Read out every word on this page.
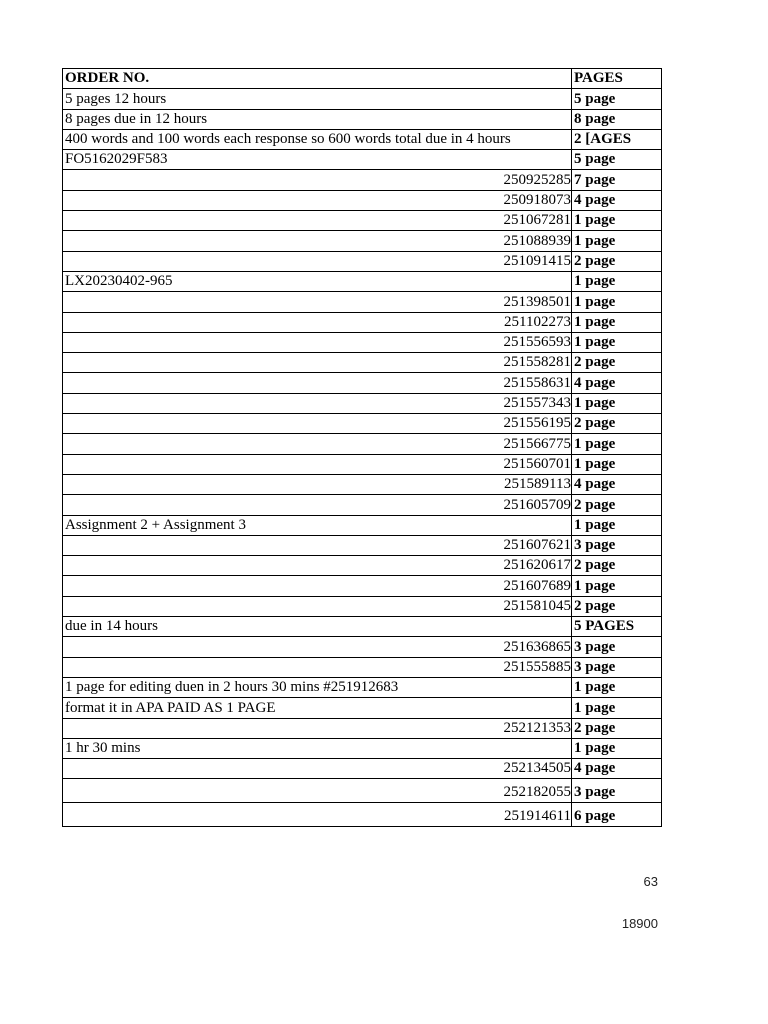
ORDER NO.	PAGES
5 pages 12 hours	5 page
8 pages due in 12 hours	8 page
400 words and 100 words each response so 600 words total due in 4 hours	2 [AGES
FO5162029F583	5 page
250925285	7 page
250918073	4 page
251067281	1 page
251088939	1 page
251091415	2 page
LX20230402-965	1 page
251398501	1 page
251102273	1 page
251556593	1 page
251558281	2 page
251558631	4 page
251557343	1 page
251556195	2 page
251566775	1 page
251560701	1 page
251589113	4 page
251605709	2 page
Assignment 2 + Assignment 3	1 page
251607621	3 page
251620617	2 page
251607689	1 page
251581045	2 page
due in 14 hours	5 PAGES
251636865	3 page
251555885	3 page
1 page for editing duen in 2 hours 30 mins #251912683	1 page
format it in APA PAID AS 1 PAGE	1 page
252121353	2 page
1 hr 30 mins	1 page
252134505	4 page
252182055	3 page
251914611	6 page
63
18900
